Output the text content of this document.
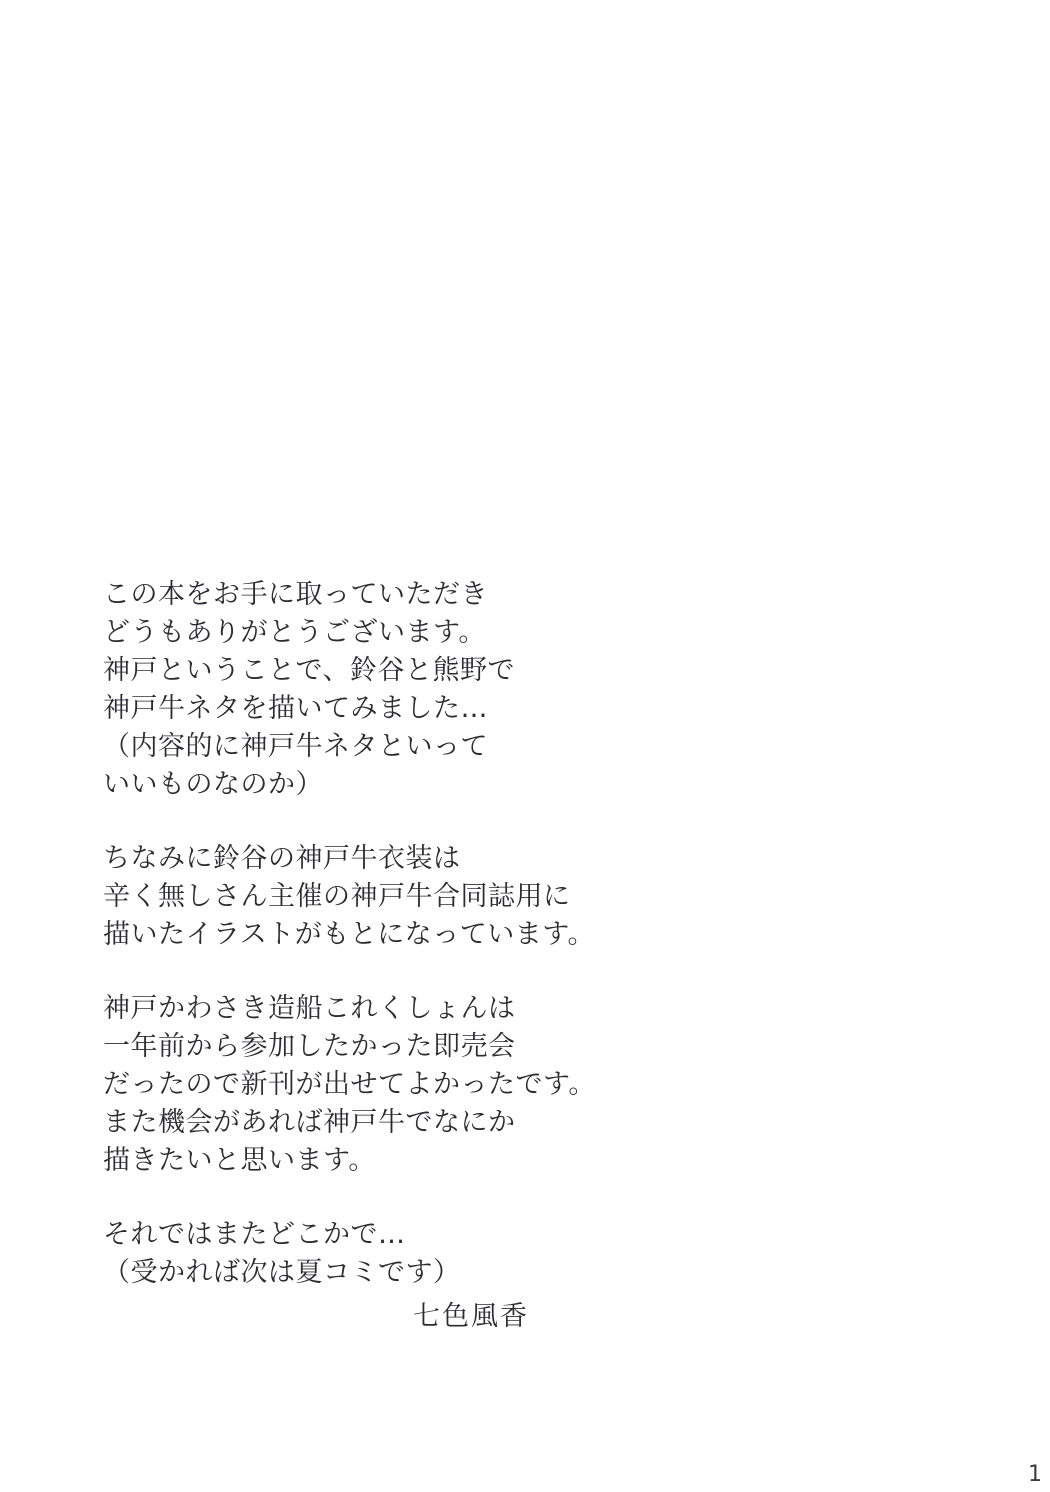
この本をお手に取っていただき
どうもありがとうございます。
神戸ということで、鈴谷と熊野で
神戸牛ネタを描いてみました…
（内容的に神戸牛ネタといって
いいものなのか）
ちなみに鈴谷の神戸牛衣装は
辛く無しさん主催の神戸牛合同誌用に
描いたイラストがもとになっています。
神戸かわさき造船これくしょんは
一年前から参加したかった即売会
だったので新刊が出せてよかったです。
また機会があれば神戸牛でなにか
描きたいと思います。
それではまたどこかで…
（受かれば次は夏コミです）
七色風香
1
